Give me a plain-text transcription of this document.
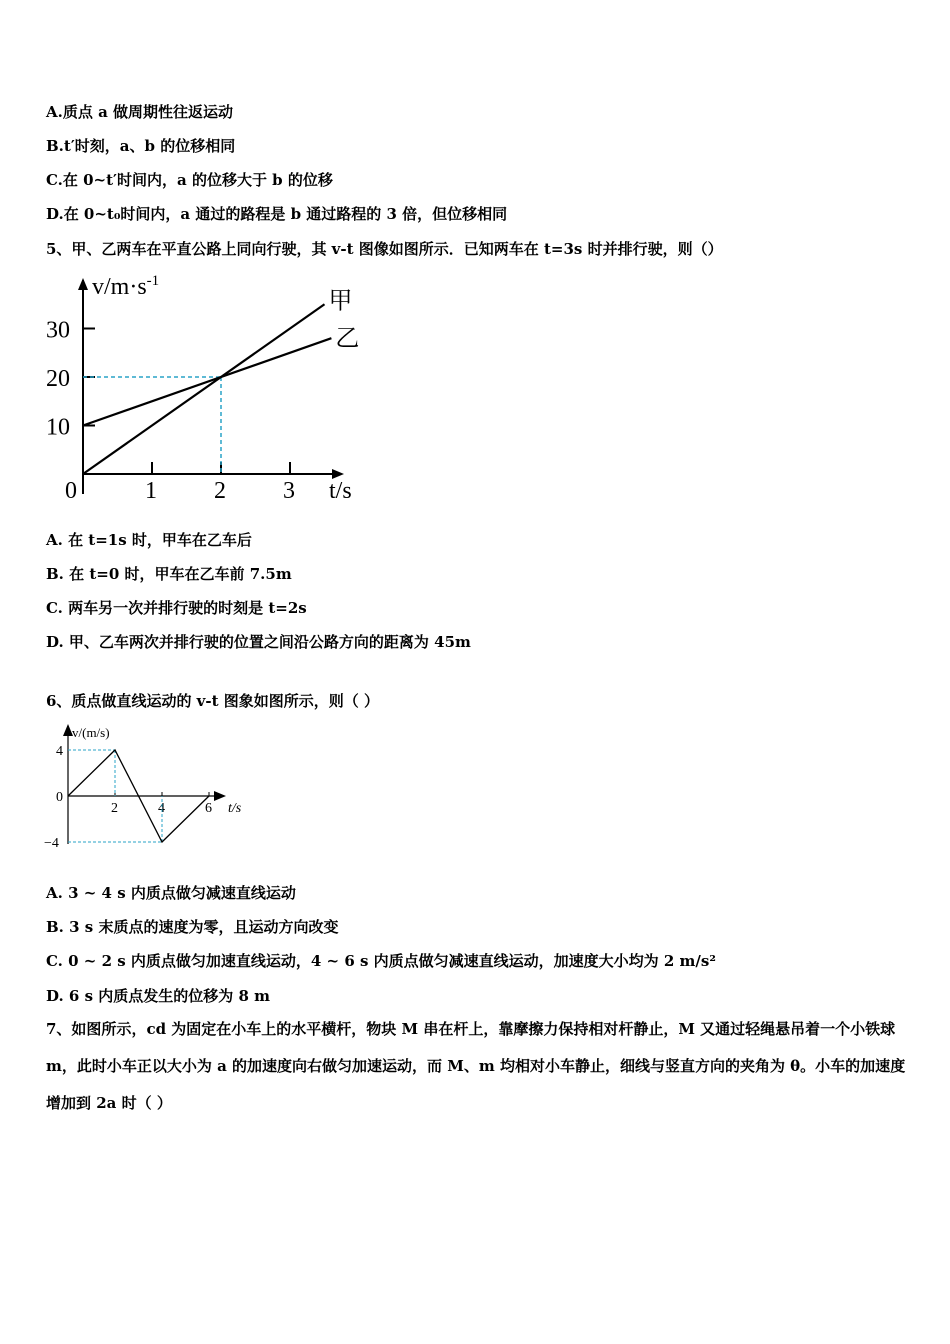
A.质点 a 做周期性往返运动
B.t′时刻，a、b 的位移相同
C.在 0~t′时间内，a 的位移大于 b 的位移
D.在 0~t₀时间内，a 通过的路程是 b 通过路程的 3 倍，但位移相同
5、甲、乙两车在平直公路上同向行驶，其 v-t 图像如图所示．已知两车在 t=3s 时并排行驶，则（）
$v/m\cdot s^{-1}$
t/s
10
20
30
0	1 2 3
甲
乙
A. 在 t=1s 时，甲车在乙车后
B. 在 t=0 时，甲车在乙车前 7.5m
C. 两车另一次并排行驶的时刻是 t=2s
D. 甲、乙车两次并排行驶的位置之间沿公路方向的距离为 45m
6、质点做直线运动的 v-t 图象如图所示，则（ ）
v/(m/s)
t/s
4
0
−4
2	4	6
A. 3 ~ 4 s 内质点做匀减速直线运动
B. 3 s 末质点的速度为零，且运动方向改变
C. 0 ~ 2 s 内质点做匀加速直线运动，4 ~ 6 s 内质点做匀减速直线运动，加速度大小均为 2 m/s²
D. 6 s 内质点发生的位移为 8 m
7、如图所示，cd 为固定在小车上的水平横杆，物块 M 串在杆上，靠摩擦力保持相对杆静止，M 又通过轻绳悬吊着一个小铁球 m，此时小车正以大小为 a 的加速度向右做匀加速运动，而 M、m 均相对小车静止，细线与竖直方向的夹角为 θ。小车的加速度增加到 2a 时（ ）
